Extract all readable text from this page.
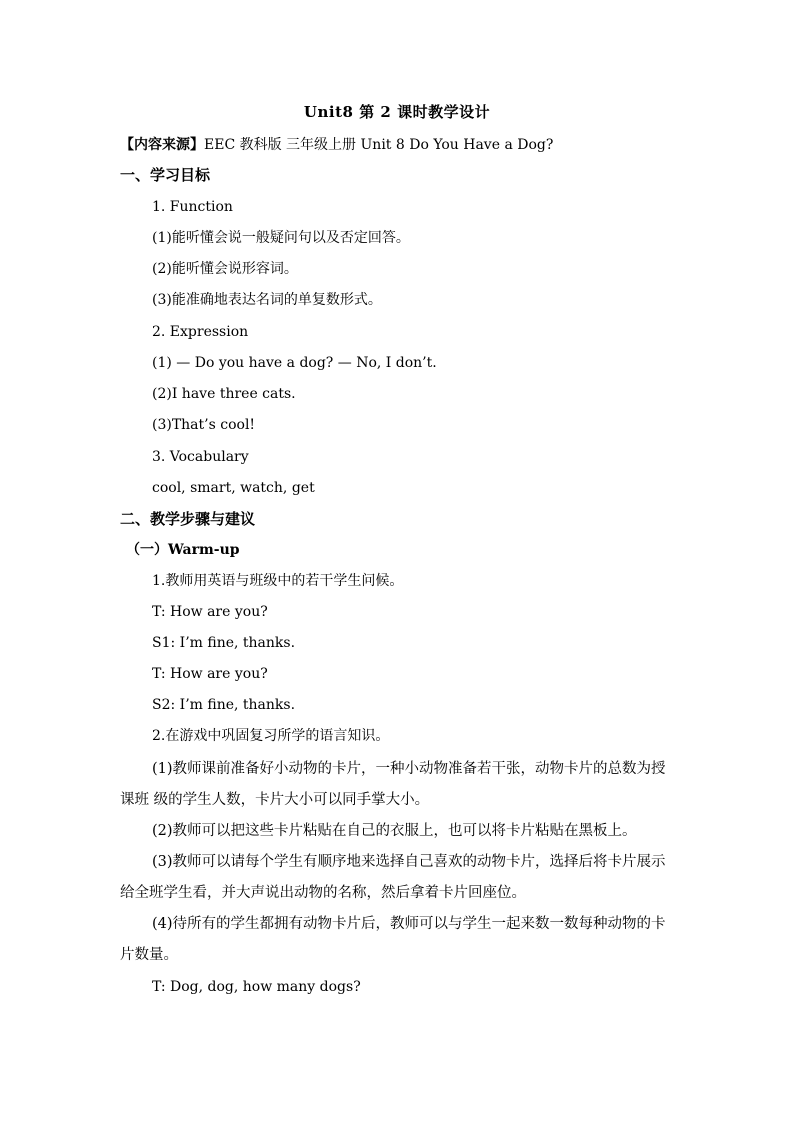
Unit8 第 2 课时教学设计
【内容来源】EEC 教科版 三年级上册 Unit 8 Do You Have a Dog?
一、学习目标
1. Function
(1)能听懂会说一般疑问句以及否定回答。
(2)能听懂会说形容词。
(3)能准确地表达名词的单复数形式。
2. Expression
(1) — Do you have a dog? — No, I don’t.
(2)I have three cats.
(3)That’s cool!
3. Vocabulary
cool, smart, watch, get
二、教学步骤与建议
（一）Warm-up
1.教师用英语与班级中的若干学生问候。
T: How are you?
S1: I’m fine, thanks.
T: How are you?
S2: I’m fine, thanks.
2.在游戏中巩固复习所学的语言知识。
(1)教师课前准备好小动物的卡片，一种小动物准备若干张，动物卡片的总数为授课班 级的学生人数，卡片大小可以同手掌大小。
(2)教师可以把这些卡片粘贴在自己的衣服上，也可以将卡片粘贴在黑板上。
(3)教师可以请每个学生有顺序地来选择自己喜欢的动物卡片，选择后将卡片展示给全班学生看，并大声说出动物的名称，然后拿着卡片回座位。
(4)待所有的学生都拥有动物卡片后，教师可以与学生一起来数一数每种动物的卡片数量。
T: Dog, dog, how many dogs?
